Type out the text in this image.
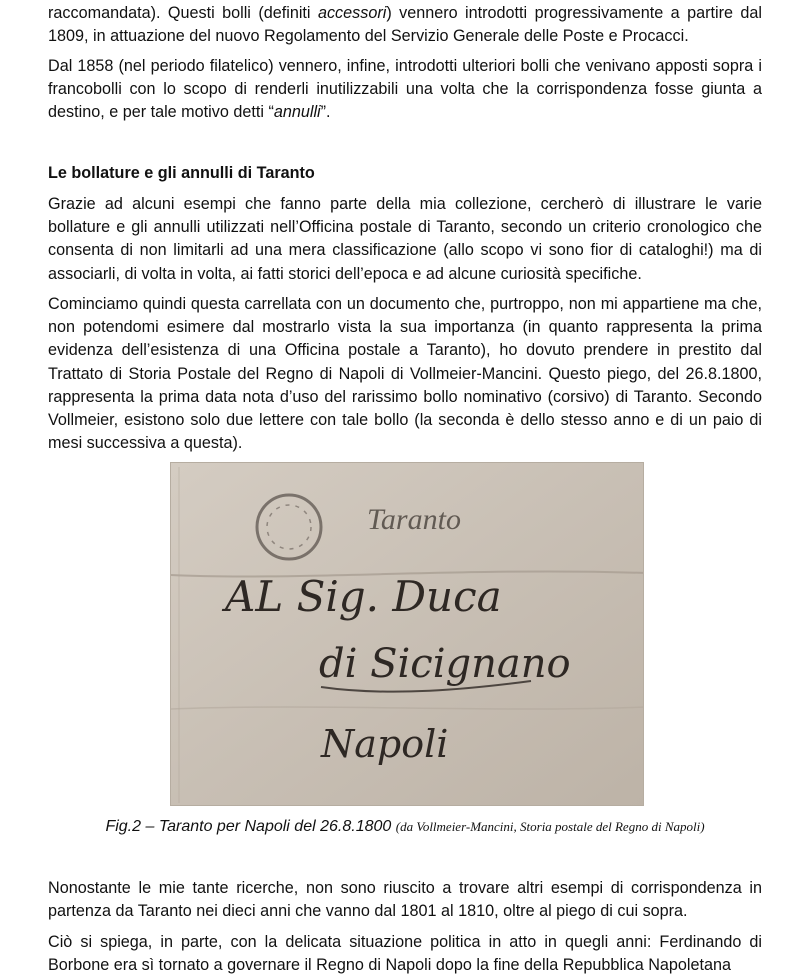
raccomandata). Questi bolli (definiti accessori) vennero introdotti progressivamente a partire dal 1809, in attuazione del nuovo Regolamento del Servizio Generale delle Poste e Procacci.

Dal 1858 (nel periodo filatelico) vennero, infine, introdotti ulteriori bolli che venivano apposti sopra i francobolli con lo scopo di renderli inutilizzabili una volta che la corrispondenza fosse giunta a destino, e per tale motivo detti “annulli”.

Le bollature e gli annulli di Taranto

Grazie ad alcuni esempi che fanno parte della mia collezione, cercherò di illustrare le varie bollature e gli annulli utilizzati nell’Officina postale di Taranto, secondo un criterio cronologico che consenta di non limitarli ad una mera classificazione (allo scopo vi sono fior di cataloghi!) ma di associarli, di volta in volta, ai fatti storici dell’epoca e ad alcune curiosità specifiche.

Cominciamo quindi questa carrellata con un documento che, purtroppo, non mi appartiene ma che, non potendomi esimere dal mostrarlo vista la sua importanza (in quanto rappresenta la prima evidenza dell’esistenza di una Officina postale a Taranto), ho dovuto prendere in prestito dal Trattato di Storia Postale del Regno di Napoli di Vollmeier-Mancini. Questo piego, del 26.8.1800, rappresenta la prima data nota d’uso del rarissimo bollo nominativo (corsivo) di Taranto. Secondo Vollmeier, esistono solo due lettere con tale bollo (la seconda è dello stesso anno e di un paio di mesi successiva a questa).

Taranto
AL Sig. Duca
di Sicignano
Napoli
Fig.2 – Taranto per Napoli del 26.8.1800 (da Vollmeier-Mancini, Storia postale del Regno di Napoli)

Nonostante le mie tante ricerche, non sono riuscito a trovare altri esempi di corrispondenza in partenza da Taranto nei dieci anni che vanno dal 1801 al 1810, oltre al piego di cui sopra.

Ciò si spiega, in parte, con la delicata situazione politica in atto in quegli anni: Ferdinando di Borbone era sì tornato a governare il Regno di Napoli dopo la fine della Repubblica Napoletana
